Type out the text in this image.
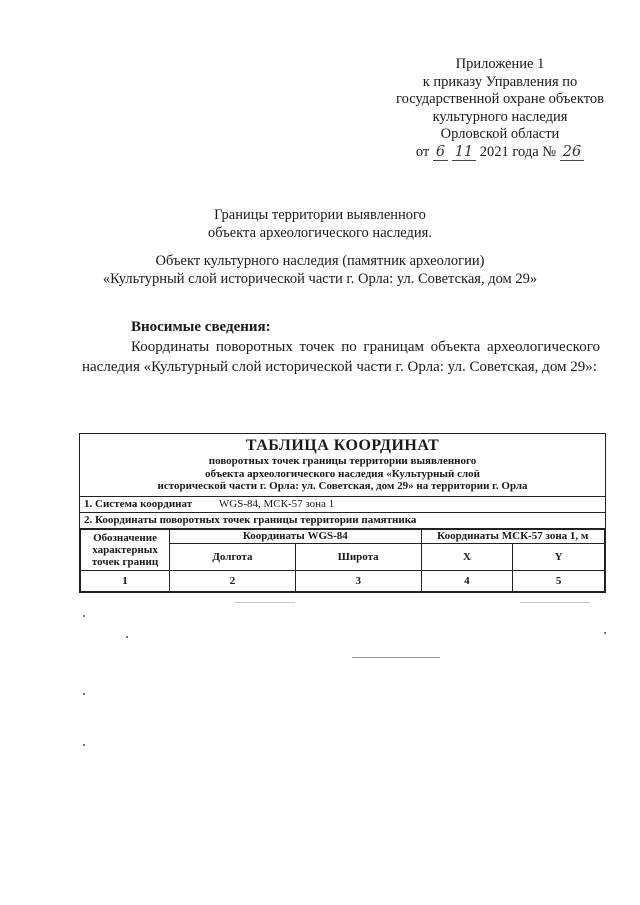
Приложение 1
к приказу Управления по
государственной охране объектов
культурного наследия
Орловской области
от 6 11 2021 года № 26
Границы территории выявленного
объекта археологического наследия.
Объект культурного наследия (памятник археологии)
«Культурный слой исторической части г. Орла: ул. Советская, дом 29»
Вносимые сведения:
Координаты поворотных точек по границам объекта археологического наследия «Культурный слой исторической части г. Орла: ул. Советская, дом 29»:
ТАБЛИЦА КООРДИНАТ
поворотных точек границы территории выявленного
объекта археологического наследия «Культурный слой
исторической части г. Орла: ул. Советская, дом 29» на территории г. Орла
1. Система координат WGS-84, МСК-57 зона 1
2. Координаты поворотных точек границы территории памятника
Обозначение характерных точек границ	Координаты WGS-84		Координаты МСК-57 зона 1, м	
	Долгота	Широта	X	Y
1	2	3	4	5
